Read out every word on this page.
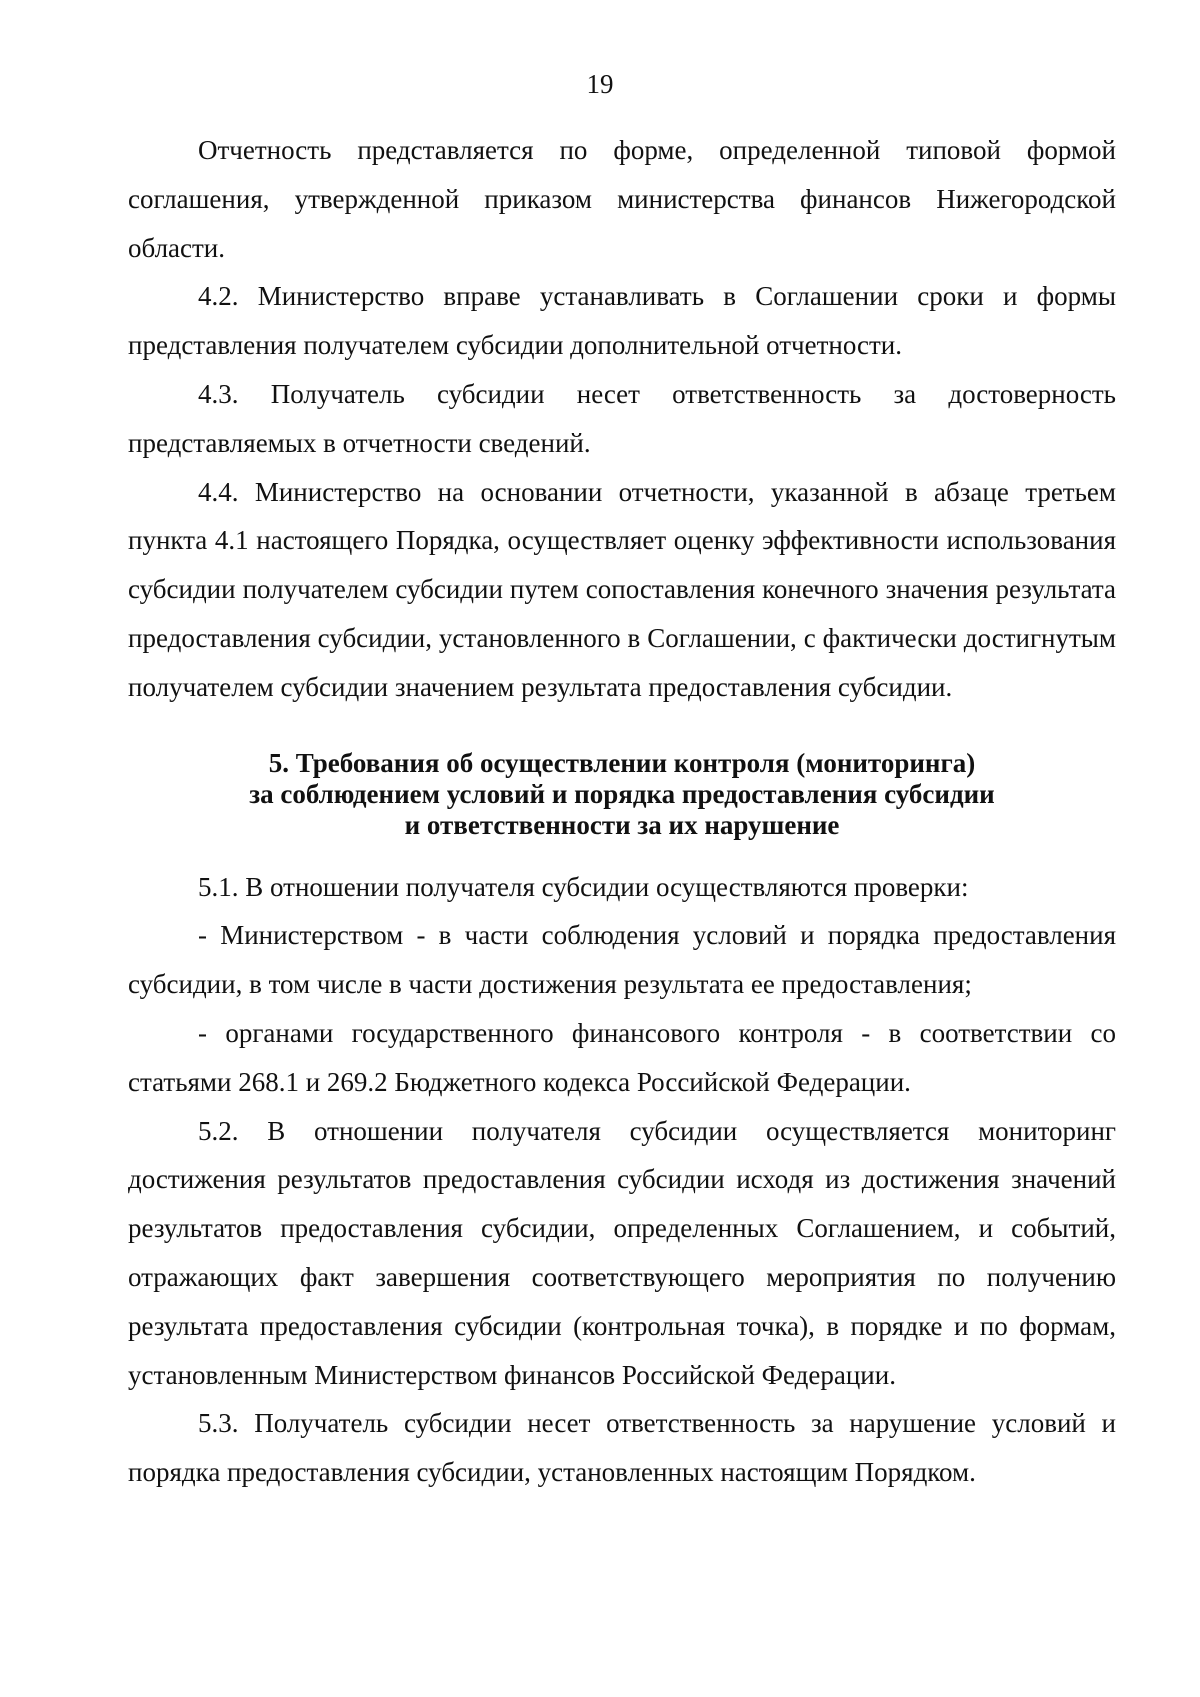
19

Отчетность представляется по форме, определенной типовой формой соглашения, утвержденной приказом министерства финансов Нижегородской области.

4.2. Министерство вправе устанавливать в Соглашении сроки и формы представления получателем субсидии дополнительной отчетности.

4.3. Получатель субсидии несет ответственность за достоверность представляемых в отчетности сведений.

4.4. Министерство на основании отчетности, указанной в абзаце третьем пункта 4.1 настоящего Порядка, осуществляет оценку эффективности использования субсидии получателем субсидии путем сопоставления конечного значения результата предоставления субсидии, установленного в Соглашении, с фактически достигнутым получателем субсидии значением результата предоставления субсидии.

5. Требования об осуществлении контроля (мониторинга)
за соблюдением условий и порядка предоставления субсидии
и ответственности за их нарушение

5.1. В отношении получателя субсидии осуществляются проверки:

- Министерством - в части соблюдения условий и порядка предоставления субсидии, в том числе в части достижения результата ее предоставления;

- органами государственного финансового контроля - в соответствии со статьями 268.1 и 269.2 Бюджетного кодекса Российской Федерации.

5.2. В отношении получателя субсидии осуществляется мониторинг достижения результатов предоставления субсидии исходя из достижения значений результатов предоставления субсидии, определенных Соглашением, и событий, отражающих факт завершения соответствующего мероприятия по получению результата предоставления субсидии (контрольная точка), в порядке и по формам, установленным Министерством финансов Российской Федерации.

5.3. Получатель субсидии несет ответственность за нарушение условий и порядка предоставления субсидии, установленных настоящим Порядком.
